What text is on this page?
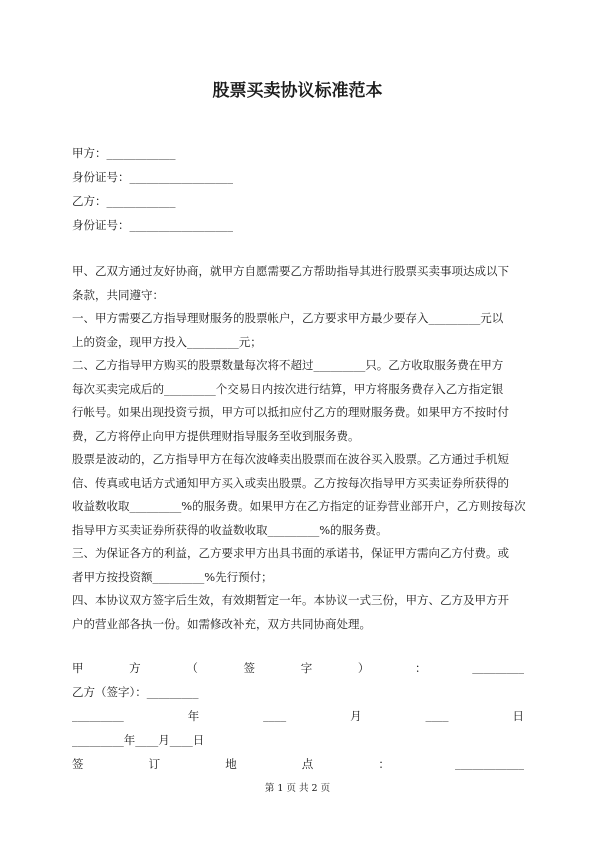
股票买卖协议标准范本
甲方：____________
身份证号：__________________
乙方：____________
身份证号：__________________
甲、乙双方通过友好协商，就甲方自愿需要乙方帮助指导其进行股票买卖事项达成以下
条款，共同遵守：
一、甲方需要乙方指导理财服务的股票帐户，乙方要求甲方最少要存入_________元以
上的资金，现甲方投入_________元；
二、乙方指导甲方购买的股票数量每次将不超过_________只。乙方收取服务费在甲方
每次买卖完成后的_________个交易日内按次进行结算，甲方将服务费存入乙方指定银
行帐号。如果出现投资亏损，甲方可以抵扣应付乙方的理财服务费。如果甲方不按时付
费，乙方将停止向甲方提供理财指导服务至收到服务费。
股票是波动的，乙方指导甲方在每次波峰卖出股票而在波谷买入股票。乙方通过手机短
信、传真或电话方式通知甲方买入或卖出股票。乙方按每次指导甲方买卖证券所获得的
收益数收取_________%的服务费。如果甲方在乙方指定的证券营业部开户，乙方则按每次
指导甲方买卖证券所获得的收益数收取_________%的服务费。
三、为保证各方的利益，乙方要求甲方出具书面的承诺书，保证甲方需向乙方付费。或
者甲方按投资额_________%先行预付；
四、本协议双方签字后生效，有效期暂定一年。本协议一式三份，甲方、乙方及甲方开
户的营业部各执一份。如需修改补充，双方共同协商处理。
甲	方	（	签	字	）	：	_________
乙方（签字）：_________
_________	年	____	月	____	日
_________年____月____日
签	订	地	点	：	____________
第 1 页 共 2 页
